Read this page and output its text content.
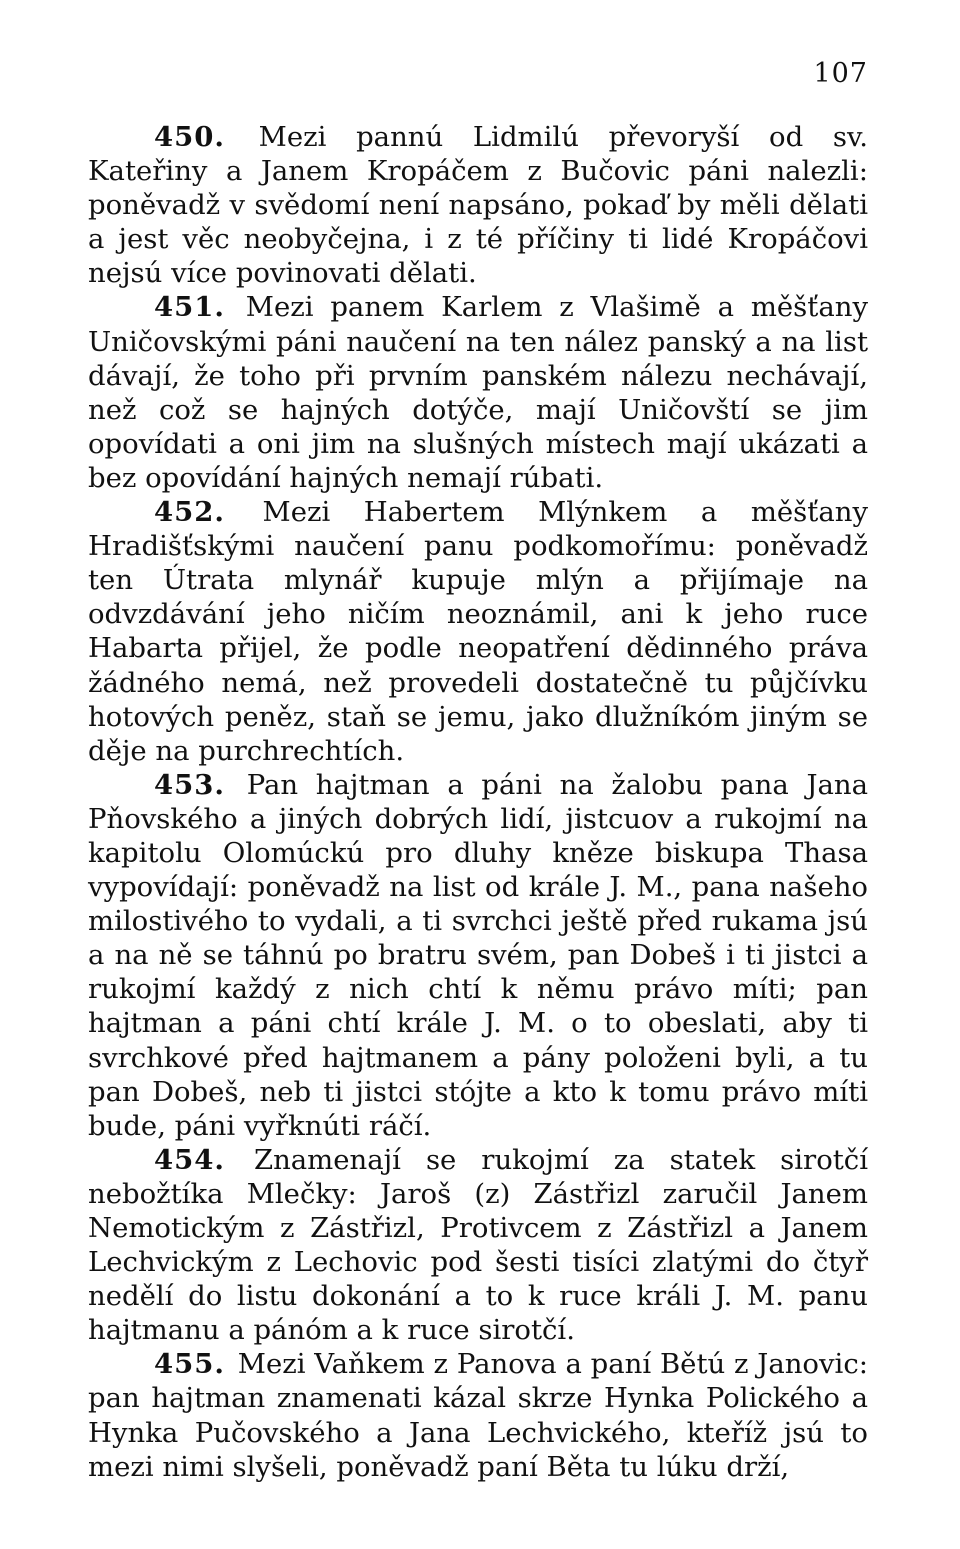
107

450. Mezi pannú Lidmilú převoryší od sv. Kateřiny a Janem Kropáčem z Bučovic páni nalezli: poněvadž v svědomí není napsáno, pokaď by měli dělati a jest věc neobyčejna, i z té příčiny ti lidé Kropáčovi nejsú více povinovati dělati.

451. Mezi panem Karlem z Vlašimě a měšťany Uničovskými páni naučení na ten nález panský a na list dávají, že toho při prvním panském nálezu nechávají, než což se hajných dotýče, mají Uničovští se jim opovídati a oni jim na slušných místech mají ukázati a bez opovídání hajných nemají rúbati.

452. Mezi Habertem Mlýnkem a měšťany Hradišťskými naučení panu podkomořímu: poněvadž ten Útrata mlynář kupuje mlýn a přijímaje na odvzdávání jeho ničím neoznámil, ani k jeho ruce Habarta přijel, že podle neopatření dědinného práva žádného nemá, než provedeli dostatečně tu půjčívku hotových peněz, staň se jemu, jako dlužníkóm jiným se děje na purchrechtích.

453. Pan hajtman a páni na žalobu pana Jana Pňovského a jiných dobrých lidí, jistcuov a rukojmí na kapitolu Olomúckú pro dluhy kněze biskupa Thasa vypovídají: poněvadž na list od krále J. M., pana našeho milostivého to vydali, a ti svrchci ještě před rukama jsú a na ně se táhnú po bratru svém, pan Dobeš i ti jistci a rukojmí každý z nich chtí k němu právo míti; pan hajtman a páni chtí krále J. M. o to obeslati, aby ti svrchkové před hajtmanem a pány položeni byli, a tu pan Dobeš, neb ti jistci stójte a kto k tomu právo míti bude, páni vyřknúti ráčí.

454. Znamenají se rukojmí za statek sirotčí nebožtíka Mlečky: Jaroš (z) Zástřizl zaručil Janem Nemotickým z Zástřizl, Protivcem z Zástřizl a Janem Lechvickým z Lechovic pod šesti tisíci zlatými do čtyř nedělí do listu dokonání a to k ruce králi J. M. panu hajtmanu a pánóm a k ruce sirotčí.

455. Mezi Vaňkem z Panova a paní Bětú z Janovic: pan hajtman znamenati kázal skrze Hynka Polického a Hynka Pučovského a Jana Lechvického, kteříž jsú to mezi nimi slyšeli, poněvadž paní Běta tu lúku drží,
